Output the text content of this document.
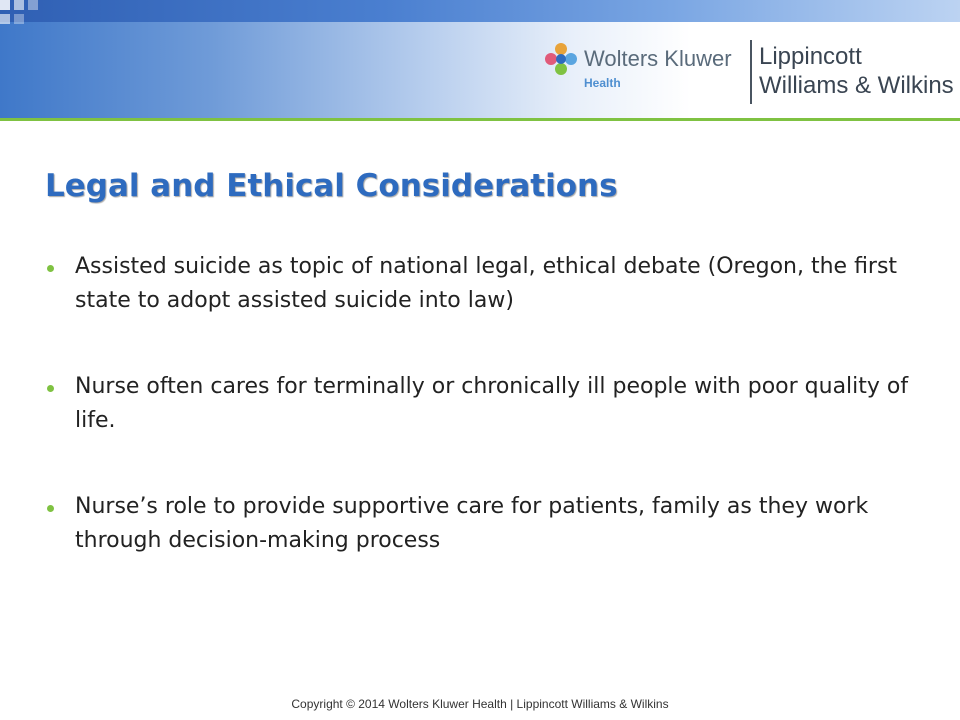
Wolters Kluwer
Health
Lippincott
Williams & Wilkins
Legal and Ethical Considerations
Assisted suicide as topic of national legal, ethical debate (Oregon, the first state to adopt assisted suicide into law)
Nurse often cares for terminally or chronically ill people with poor quality of life.
Nurse’s role to provide supportive care for patients, family as they work through decision-making process
Copyright © 2014 Wolters Kluwer Health | Lippincott Williams & Wilkins
